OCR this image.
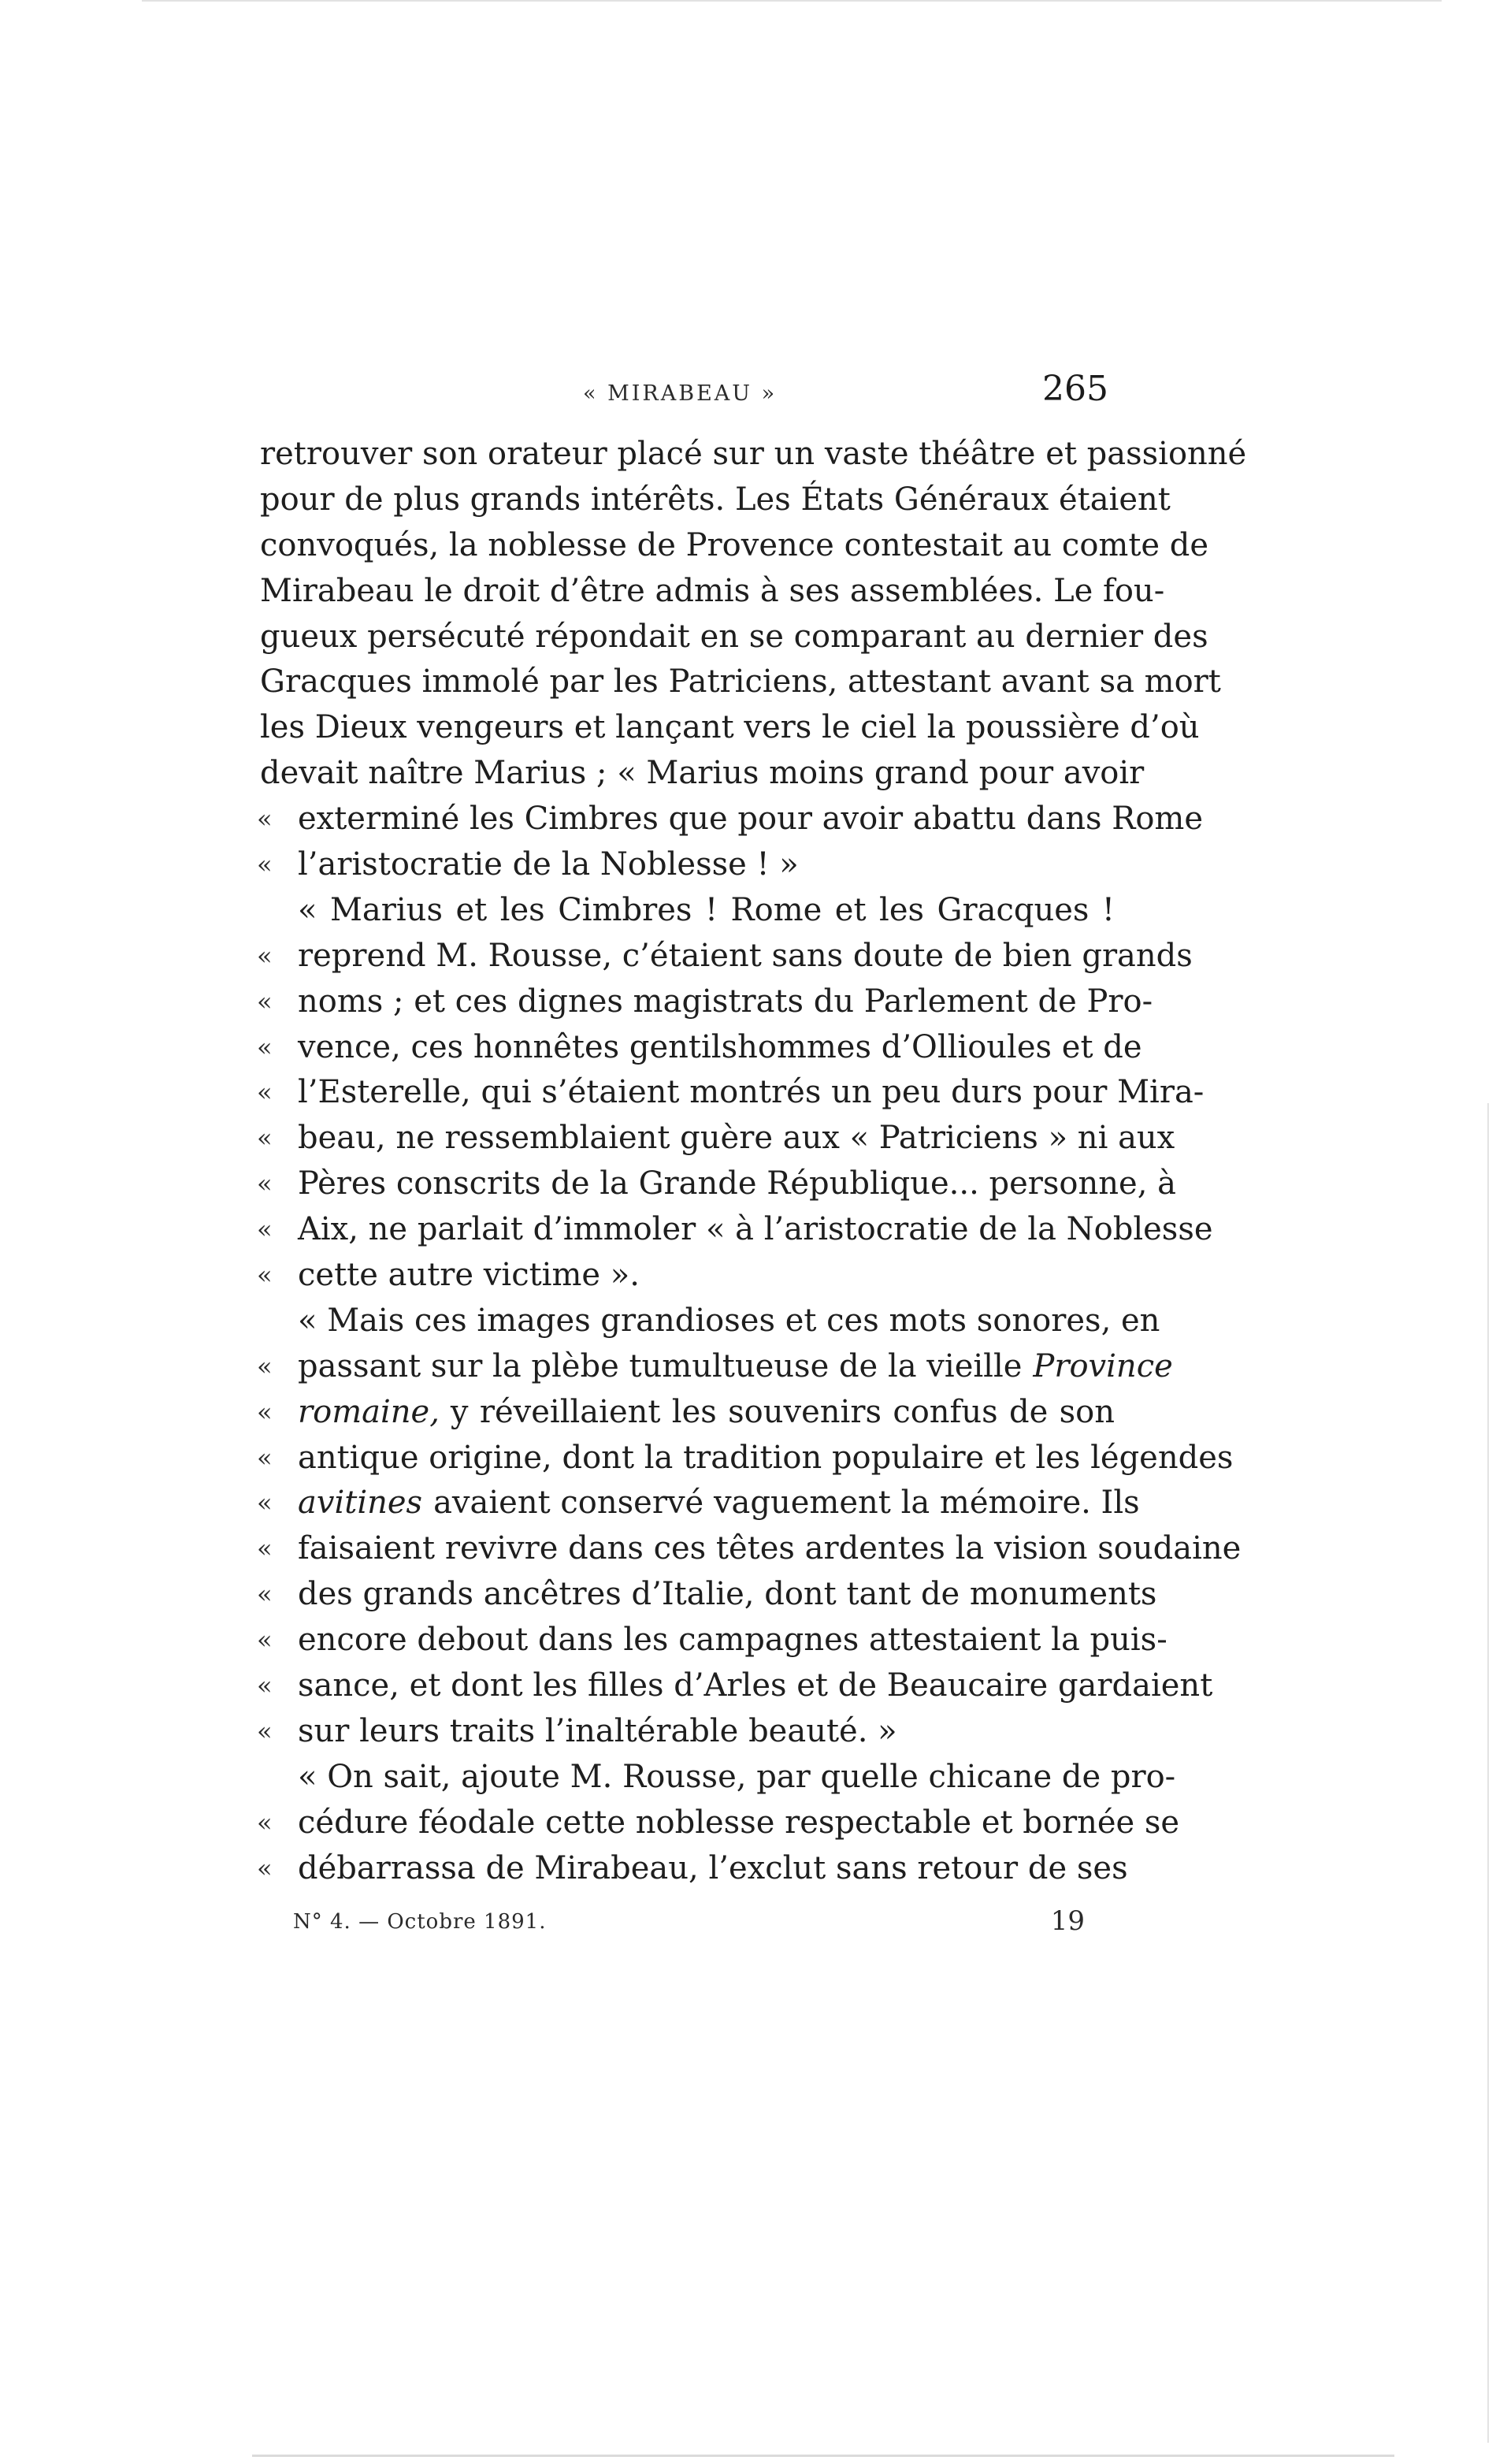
« MIRABEAU »	265
retrouver son orateur placé sur un vaste théâtre et passionné
pour de plus grands intérêts. Les États Généraux étaient
convoqués, la noblesse de Provence contestait au comte de
Mirabeau le droit d’être admis à ses assemblées. Le fou-
gueux persécuté répondait en se comparant au dernier des
Gracques immolé par les Patriciens, attestant avant sa mort
les Dieux vengeurs et lançant vers le ciel la poussière d’où
devait naître Marius ; « Marius moins grand pour avoir
« exterminé les Cimbres que pour avoir abattu dans Rome
« l’aristocratie de la Noblesse ! »
« Marius et les Cimbres ! Rome et les Gracques !
« reprend M. Rousse, c’étaient sans doute de bien grands
« noms ; et ces dignes magistrats du Parlement de Pro-
« vence, ces honnêtes gentilshommes d’Ollioules et de
« l’Esterelle, qui s’étaient montrés un peu durs pour Mira-
« beau, ne ressemblaient guère aux « Patriciens » ni aux
« Pères conscrits de la Grande République... personne, à
« Aix, ne parlait d’immoler « à l’aristocratie de la Noblesse
« cette autre victime ».
« Mais ces images grandioses et ces mots sonores, en
« passant sur la plèbe tumultueuse de la vieille Province
« romaine, y réveillaient les souvenirs confus de son
« antique origine, dont la tradition populaire et les légendes
« avitines avaient conservé vaguement la mémoire. Ils
« faisaient revivre dans ces têtes ardentes la vision soudaine
« des grands ancêtres d’Italie, dont tant de monuments
« encore debout dans les campagnes attestaient la puis-
« sance, et dont les filles d’Arles et de Beaucaire gardaient
« sur leurs traits l’inaltérable beauté. »
« On sait, ajoute M. Rousse, par quelle chicane de pro-
« cédure féodale cette noblesse respectable et bornée se
« débarrassa de Mirabeau, l’exclut sans retour de ses
N° 4. — Octobre 1891.	19
